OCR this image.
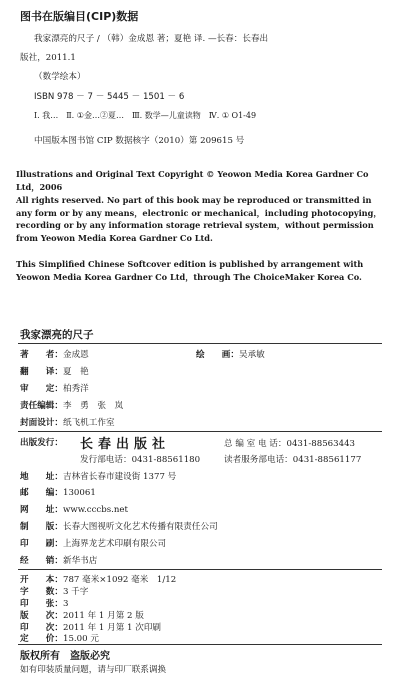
图书在版编目(CIP)数据
我家漂亮的尺子 / （韩）金成恩 著；夏艳 译. —长春：长春出
版社，2011.1
（数学绘本）
ISBN 978 － 7 － 5445 － 1501 － 6
Ⅰ. 我…　Ⅱ. ①金…②夏…　Ⅲ. 数学—儿童读物　Ⅳ. ① O1-49
中国版本图书馆 CIP 数据核字（2010）第 209615 号
Illustrations and Original Text Copyright © Yeowon Media Korea Gardner Co Ltd，2006
All rights reserved. No part of this book may be reproduced or transmitted in any form or by any means，electronic or mechanical，including photocopying，recording or by any information storage retrieval system，without permission from Yeowon Media Korea Gardner Co Ltd.
This Simplified Chinese Softcover edition is published by arrangement with Yeowon Media Korea Gardner Co Ltd，through The ChoiceMaker Korea Co.
我家漂亮的尺子
著　　者：金成恩	绘　　画：吴承敏
翻　　译：夏　艳
审　　定：柏秀洋
责任编辑：李　勇　张　岚
封面设计：纸飞机工作室
出版发行： 长春出版社	总 编 室 电 话：0431-88563443
发行部电话：0431-88561180	读者服务部电话：0431-88561177
地　　址：吉林省长春市建设街 1377 号
邮　　编：130061
网　　址：www.cccbs.net
制　　版：长春大图视听文化艺术传播有限责任公司
印　　刷：上海界龙艺术印刷有限公司
经　　销：新华书店
开　　本：787 毫米×1092 毫米　1/12
字　　数：3 千字
印　　张：3
版　　次：2011 年 1 月第 2 版
印　　次：2011 年 1 月第 1 次印刷
定　　价：15.00 元
版权所有　盗版必究
如有印装质量问题，请与印厂联系调换
